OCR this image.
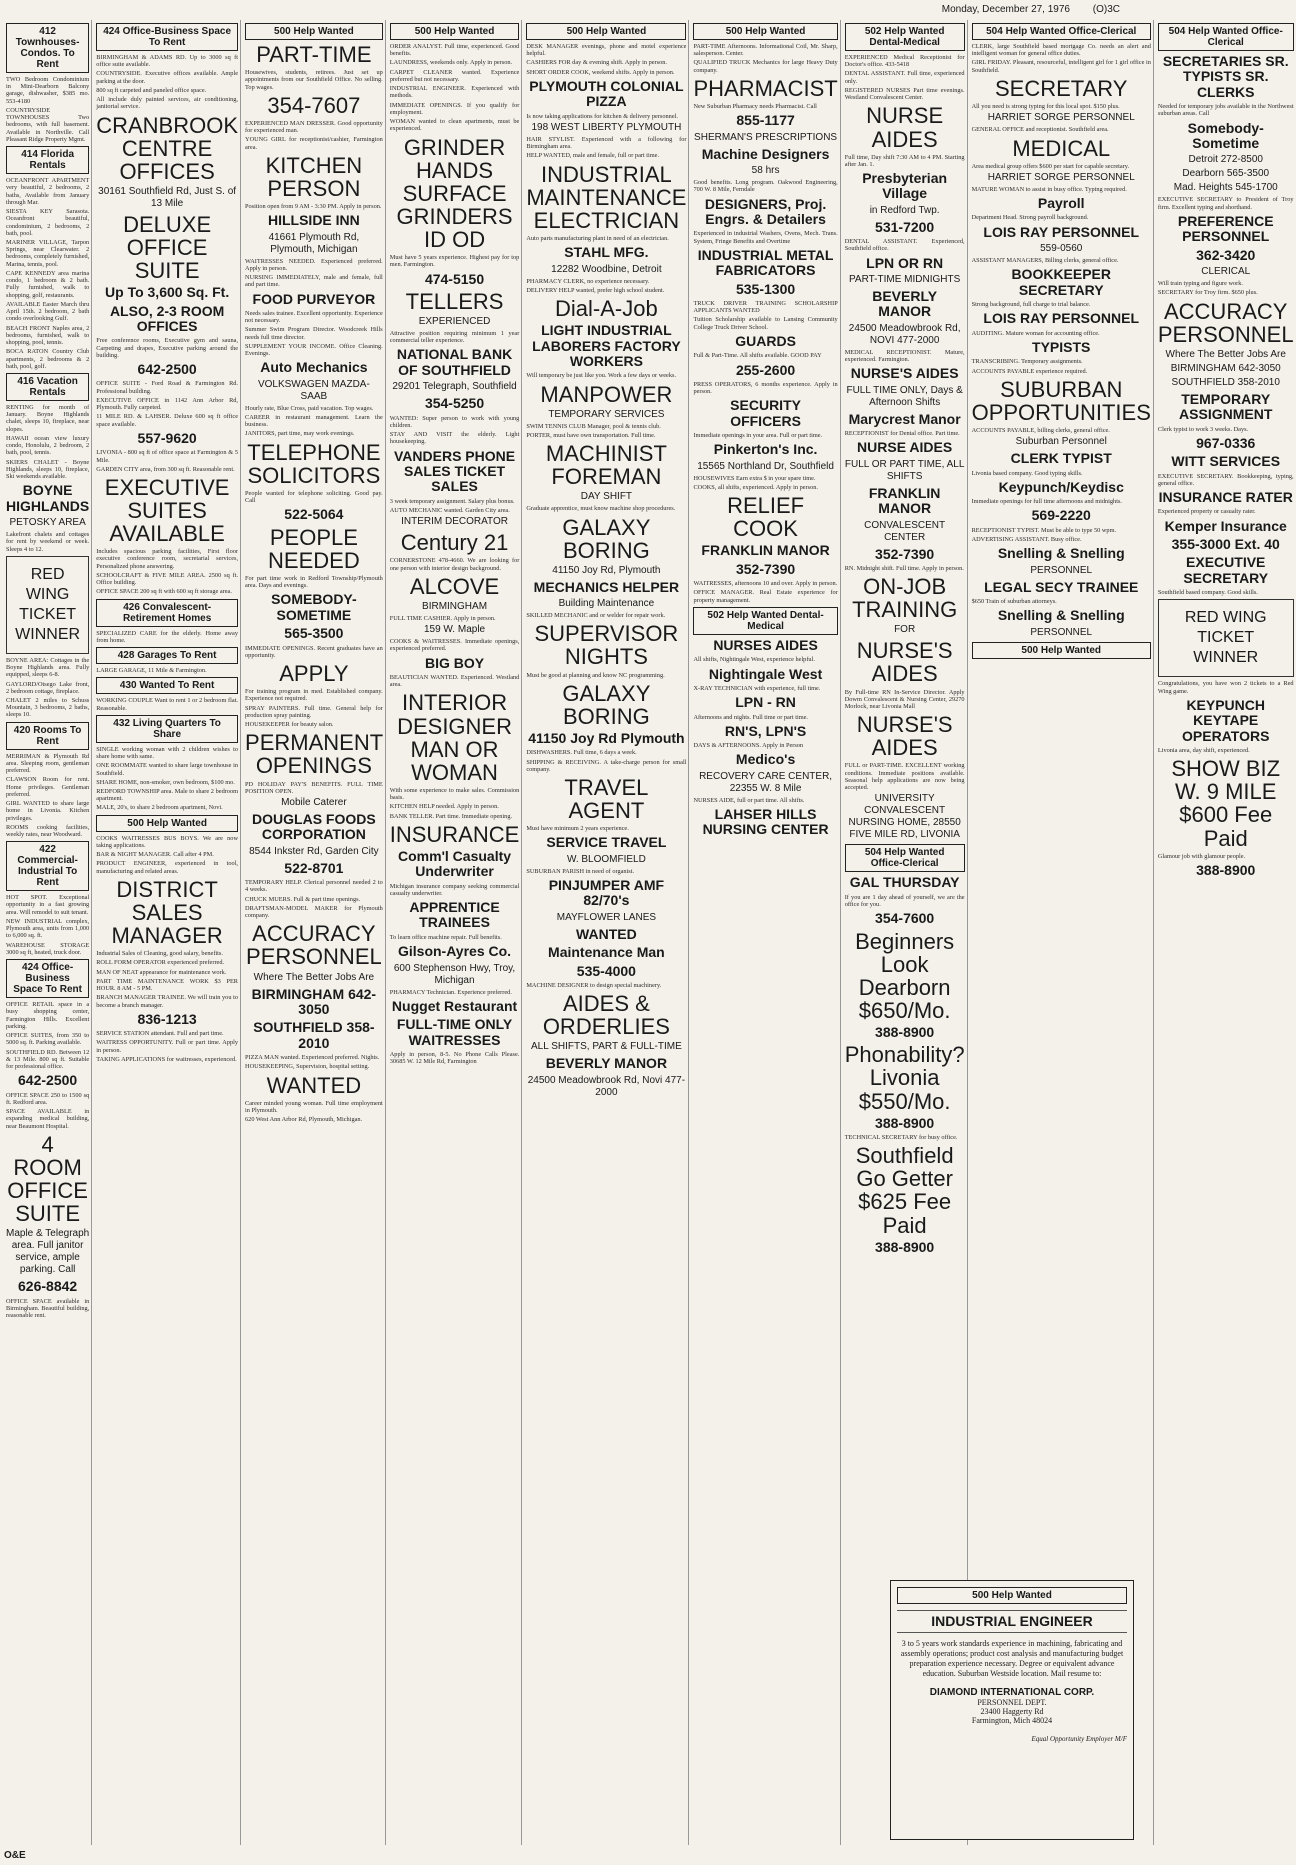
Monday, December 27, 1976 (O)3C
412 Townhouses-Condos. To Rent
TWO Bedroom Condominium in Mini-Dearborn Balcony garage, dishwasher, $385 mo. 553-4180
COUNTRYSIDE TOWNHOUSES Two bedrooms, with full basement. Available in Northville. Call Pleasant Ridge Property Mgmt.
414 Florida Rentals
OCEANFRONT APARTMENT very beautiful, 2 bedrooms, 2 baths, Available from January through Mar.
SIESTA KEY Sarasota. Oceanfront beautiful, condominium, 2 bedrooms, 2 bath, pool.
MARINER VILLAGE, Tarpon Springs, near Clearwater. 2 bedrooms, completely furnished, Marina, tennis, pool.
CAPE KENNEDY area marina condo, 1 bedroom & 2 bath. Fully furnished, walk to shopping, golf, restaurants.
AVAILABLE Easter March thru April 15th. 2 bedroom, 2 bath condo overlooking Gulf.
BEACH FRONT Naples area, 2 bedrooms, furnished, walk to shopping, pool, tennis.
BOCA RATON Country Club apartments, 2 bedrooms & 2 bath, pool, golf.
416 Vacation Rentals
RENTING for month of January. Boyne Highlands chalet, sleeps 10, fireplace, near slopes.
HAWAII ocean view luxury condo, Honolulu, 2 bedroom, 2 bath, pool, tennis.
SKIERS CHALET - Boyne Highlands, sleeps 10, fireplace, Ski weekends available.
BOYNE HIGHLANDS
PETOSKY AREA
Lakefront chalets and cottages for rent by weekend or week. Sleeps 4 to 12.
RED WING TICKET WINNER
BOYNE AREA: Cottages in the Boyne Highlands area. Fully equipped, sleeps 6-8.
GAYLORD/Otsego Lake front, 2 bedroom cottage, fireplace.
CHALET 2 miles to Schuss Mountain, 3 bedrooms, 2 baths, sleeps 10.
420 Rooms To Rent
MERRIMAN & Plymouth Rd area. Sleeping room, gentleman preferred.
CLAWSON Room for rent. Home privileges. Gentleman preferred.
GIRL WANTED to share large home in Livonia. Kitchen privileges.
ROOMS cooking facilities, weekly rates, near Woodward.
422 Commercial-Industrial To Rent
HOT SPOT. Exceptional opportunity in a fast growing area. Will remodel to suit tenant.
NEW INDUSTRIAL complex, Plymouth area, units from 1,000 to 6,000 sq. ft.
WAREHOUSE STORAGE 3000 sq ft, heated, truck door.
424 Office-Business Space To Rent
OFFICE RETAIL space in a busy shopping center, Farmington Hills. Excellent parking.
OFFICE SUITES, from 350 to 5000 sq. ft. Parking available.
SOUTHFIELD RD. Between 12 & 13 Mile. 800 sq ft. Suitable for professional office.
642-2500
OFFICE SPACE 250 to 1500 sq ft. Redford area.
SPACE AVAILABLE in expanding medical building, near Beaumont Hospital.
4 ROOM OFFICE SUITE
Maple & Telegraph area. Full janitor service, ample parking. Call
626-8842
OFFICE SPACE available in Birmingham. Beautiful building, reasonable rent.
424 Office-Business Space To Rent
BIRMINGHAM & ADAMS RD. Up to 3000 sq ft office suite available.
COUNTRYSIDE. Executive offices available. Ample parking at the door.
800 sq ft carpeted and paneled office space.
All include duly painted services, air conditioning, janitorial service.
CRANBROOK CENTRE OFFICES
30161 Southfield Rd, Just S. of 13 Mile
DELUXE OFFICE SUITE
Up To 3,600 Sq. Ft.
ALSO, 2-3 ROOM OFFICES
Free conference rooms, Executive gym and sauna, Carpeting and drapes, Executive parking around the building.
642-2500
OFFICE SUITE - Ford Road & Farmington Rd. Professional building.
EXECUTIVE OFFICE in 1142 Ann Arbor Rd, Plymouth. Fully carpeted.
11 MILE RD. & LAHSER. Deluxe 600 sq ft office space available.
557-9620
LIVONIA - 800 sq ft of office space at Farmington & 5 Mile.
GARDEN CITY area, from 300 sq ft. Reasonable rent.
EXECUTIVE SUITES AVAILABLE
Includes spacious parking facilities, First floor executive conference room, secretarial services, Personalized phone answering.
SCHOOLCRAFT & FIVE MILE AREA. 2500 sq ft. Office building.
OFFICE SPACE 200 sq ft with 600 sq ft storage area.
426 Convalescent-Retirement Homes
SPECIALIZED CARE for the elderly. Home away from home.
428 Garages To Rent
LARGE GARAGE, 11 Mile & Farmington.
430 Wanted To Rent
WORKING COUPLE Want to rent 1 or 2 bedroom flat. Reasonable.
432 Living Quarters To Share
SINGLE working woman with 2 children wishes to share home with same.
ONE ROOMMATE wanted to share large townhouse in Southfield.
SHARE HOME, non-smoker, own bedroom, $100 mo.
REDFORD TOWNSHIP area. Male to share 2 bedroom apartment.
MALE, 20's, to share 2 bedroom apartment, Novi.
500 Help Wanted
COOKS WAITRESSES BUS BOYS. We are now taking applications.
BAR & NIGHT MANAGER. Call after 4 PM.
PRODUCT ENGINEER, experienced in tool, manufacturing and related areas.
DISTRICT SALES MANAGER
Industrial Sales of Cleaning, good salary, benefits.
ROLL FORM OPERATOR experienced preferred.
MAN OF NEAT appearance for maintenance work.
PART TIME MAINTENANCE WORK $3 PER HOUR. 8 AM - 5 PM.
BRANCH MANAGER TRAINEE. We will train you to become a branch manager.
836-1213
SERVICE STATION attendant. Full and part time.
WAITRESS OPPORTUNITY. Full or part time. Apply in person.
TAKING APPLICATIONS for waitresses, experienced.
500 Help Wanted
PART-TIME
Housewives, students, retirees. Just set up appointments from our Southfield Office. No selling. Top wages.
354-7607
EXPERIENCED MAN DRESSER. Good opportunity for experienced man.
YOUNG GIRL for receptionist/cashier, Farmington area.
KITCHEN PERSON
Position open from 9 AM - 3:30 PM. Apply in person.
HILLSIDE INN
41661 Plymouth Rd, Plymouth, Michigan
WAITRESSES NEEDED. Experienced preferred. Apply in person.
NURSING IMMEDIATELY, male and female, full and part time.
FOOD PURVEYOR
Needs sales trainee. Excellent opportunity. Experience not necessary.
Summer Swim Program Director. Woodcreek Hills needs full time director.
SUPPLEMENT YOUR INCOME. Office Cleaning. Evenings.
Auto Mechanics
VOLKSWAGEN MAZDA-SAAB
Hourly rate, Blue Cross, paid vacation. Top wages.
CAREER in restaurant management. Learn the business.
JANITORS, part time, may work evenings.
TELEPHONE SOLICITORS
People wanted for telephone soliciting. Good pay. Call
522-5064
PEOPLE NEEDED
For part time work in Redford Township/Plymouth area. Days and evenings.
SOMEBODY-SOMETIME
565-3500
IMMEDIATE OPENINGS. Recent graduates have an opportunity.
APPLY
For training program in med. Established company. Experience not required.
SPRAY PAINTERS. Full time. General help for production spray painting.
HOUSEKEEPER for beauty salon.
PERMANENT OPENINGS
PD HOLIDAY PAY'S BENEFITS. FULL TIME POSITION OPEN.
Mobile Caterer
DOUGLAS FOODS CORPORATION
8544 Inkster Rd, Garden City
522-8701
TEMPORARY HELP. Clerical personnel needed 2 to 4 weeks.
CHUCK MUERS. Full & part time openings.
DRAFTSMAN-MODEL MAKER for Plymouth company.
ACCURACY PERSONNEL
Where The Better Jobs Are
BIRMINGHAM 642-3050
SOUTHFIELD 358-2010
PIZZA MAN wanted. Experienced preferred. Nights.
HOUSEKEEPING, Supervision, hospital setting.
WANTED
Career minded young woman. Full time employment in Plymouth.
620 West Ann Arbor Rd, Plymouth, Michigan.
500 Help Wanted
ORDER ANALYST. Full time, experienced. Good benefits.
LAUNDRESS, weekends only. Apply in person.
CARPET CLEANER wanted. Experience preferred but not necessary.
INDUSTRIAL ENGINEER. Experienced with methods.
IMMEDIATE OPENINGS. If you qualify for employment.
WOMAN wanted to clean apartments, must be experienced.
GRINDER HANDS SURFACE GRINDERS ID OD
Must have 5 years experience. Highest pay for top men. Farmington.
474-5150
TELLERS
EXPERIENCED
Attractive position requiring minimum 1 year commercial teller experience.
NATIONAL BANK OF SOUTHFIELD
29201 Telegraph, Southfield
354-5250
WANTED: Super person to work with young children.
STAY AND VISIT the elderly. Light housekeeping.
VANDERS PHONE SALES TICKET SALES
3 week temporary assignment. Salary plus bonus.
AUTO MECHANIC wanted. Garden City area.
INTERIM DECORATOR
Century 21
CORNERSTONE 478-4660. We are looking for one person with interior design background.
ALCOVE
BIRMINGHAM
FULL TIME CASHIER. Apply in person.
159 W. Maple
COOKS & WAITRESSES. Immediate openings, experienced preferred.
BIG BOY
BEAUTICIAN WANTED. Experienced. Westland area.
INTERIOR DESIGNER MAN OR WOMAN
With some experience to make sales. Commission basis.
KITCHEN HELP needed. Apply in person.
BANK TELLER. Part time. Immediate opening.
INSURANCE
Comm'l Casualty Underwriter
Michigan insurance company seeking commercial casualty underwriter.
APPRENTICE TRAINEES
To learn office machine repair. Full benefits.
Gilson-Ayres Co.
600 Stephenson Hwy, Troy, Michigan
PHARMACY Technician. Experience preferred.
Nugget Restaurant
FULL-TIME ONLY WAITRESSES
Apply in person, 8-5. No Phone Calls Please. 30685 W. 12 Mile Rd, Farmington
500 Help Wanted
DESK MANAGER evenings, phone and motel experience helpful.
CASHIERS FOR day & evening shift. Apply in person.
SHORT ORDER COOK, weekend shifts. Apply in person.
PLYMOUTH COLONIAL PIZZA
Is now taking applications for kitchen & delivery personnel.
198 WEST LIBERTY PLYMOUTH
HAIR STYLIST. Experienced with a following for Birmingham area.
HELP WANTED, male and female, full or part time.
INDUSTRIAL MAINTENANCE ELECTRICIAN
Auto parts manufacturing plant in need of an electrician.
STAHL MFG.
12282 Woodbine, Detroit
PHARMACY CLERK, no experience necessary.
DELIVERY HELP wanted, prefer high school student.
Dial-A-Job
LIGHT INDUSTRIAL LABORERS FACTORY WORKERS
Will temporary be just like you. Work a few days or weeks.
MANPOWER
TEMPORARY SERVICES
SWIM TENNIS CLUB Manager, pool & tennis club.
PORTER, must have own transportation. Full time.
MACHINIST FOREMAN
DAY SHIFT
Graduate apprentice, must know machine shop procedures.
GALAXY BORING
41150 Joy Rd, Plymouth
MECHANICS HELPER
Building Maintenance
SKILLED MECHANIC and or welder for repair work.
SUPERVISOR NIGHTS
Must be good at planning and know NC programming.
GALAXY BORING
41150 Joy Rd Plymouth
DISHWASHERS. Full time, 6 days a week.
SHIPPING & RECEIVING. A take-charge person for small company.
TRAVEL AGENT
Must have minimum 2 years experience.
SERVICE TRAVEL
W. BLOOMFIELD
SUBURBAN PARISH in need of organist.
PINJUMPER AMF 82/70's
MAYFLOWER LANES
WANTED
Maintenance Man
535-4000
MACHINE DESIGNER to design special machinery.
AIDES & ORDERLIES
ALL SHIFTS, PART & FULL-TIME
BEVERLY MANOR
24500 Meadowbrook Rd, Novi 477-2000
500 Help Wanted
PART-TIME Afternoons. Informational Coil, Mr. Sharp, salesperson. Center.
QUALIFIED TRUCK Mechanics for large Heavy Duty company.
PHARMACIST
New Suburban Pharmacy needs Pharmacist. Call
855-1177
SHERMAN'S PRESCRIPTIONS
Machine Designers
58 hrs
Good benefits. Long program. Oakwood Engineering, 700 W. 8 Mile, Ferndale
DESIGNERS, Proj. Engrs. & Detailers
Experienced in industrial Washers, Ovens, Mech. Trans. System, Fringe Benefits and Overtime
INDUSTRIAL METAL FABRICATORS
535-1300
TRUCK DRIVER TRAINING SCHOLARSHIP APPLICANTS WANTED
Tuition Scholarship available to Lansing Community College Truck Driver School.
GUARDS
Full & Part-Time. All shifts available. GOOD PAY
255-2600
PRESS OPERATORS, 6 months experience. Apply in person.
SECURITY OFFICERS
Immediate openings in your area. Full or part time.
Pinkerton's Inc.
15565 Northland Dr, Southfield
HOUSEWIVES Earn extra $ in your spare time.
COOKS, all shifts, experienced. Apply in person.
RELIEF COOK
FRANKLIN MANOR
352-7390
WAITRESSES, afternoons 10 and over. Apply in person.
OFFICE MANAGER. Real Estate experience for property management.
502 Help Wanted Dental-Medical
NURSES AIDES
All shifts, Nightingale West, experience helpful.
Nightingale West
X-RAY TECHNICIAN with experience, full time.
LPN - RN
Afternoons and nights. Full time or part time.
RN'S, LPN'S
DAYS & AFTERNOONS. Apply in Person
Medico's
RECOVERY CARE CENTER, 22355 W. 8 Mile
NURSES AIDE, full or part time. All shifts.
LAHSER HILLS NURSING CENTER
502 Help Wanted Dental-Medical
EXPERIENCED Medical Receptionist for Doctor's office. 433-5418
DENTAL ASSISTANT. Full time, experienced only.
REGISTERED NURSES Part time evenings. Westland Convalescent Center.
NURSE AIDES
Full time, Day shift 7:30 AM to 4 PM. Starting after Jan. 1.
Presbyterian Village
in Redford Twp.
531-7200
DENTAL ASSISTANT. Experienced, Southfield office.
LPN OR RN
PART-TIME MIDNIGHTS
BEVERLY MANOR
24500 Meadowbrook Rd, NOVI 477-2000
MEDICAL RECEPTIONIST. Mature, experienced. Farmington.
NURSE'S AIDES
FULL TIME ONLY, Days & Afternoon Shifts
Marycrest Manor
RECEPTIONIST for Dental office. Part time.
NURSE AIDES
FULL OR PART TIME, ALL SHIFTS
FRANKLIN MANOR
CONVALESCENT CENTER
352-7390
RN. Midnight shift. Full time. Apply in person.
ON-JOB TRAINING
FOR
NURSE'S AIDES
By Full-time RN In-Service Director. Apply Dowm Convalescent & Nursing Center, 29270 Morlock, near Livonia Mall
NURSE'S AIDES
FULL or PART-TIME. EXCELLENT working conditions. Immediate positions available. Seasonal help applications are now being accepted.
UNIVERSITY CONVALESCENT NURSING HOME, 28550 FIVE MILE RD, LIVONIA
504 Help Wanted Office-Clerical
GAL THURSDAY
If you are 1 day ahead of yourself, we are the office for you.
354-7600
Beginners Look Dearborn $650/Mo.
388-8900
Phonability? Livonia $550/Mo.
388-8900
TECHNICAL SECRETARY for busy office.
Southfield Go Getter $625 Fee Paid
388-8900
504 Help Wanted Office-Clerical
CLERK, large Southfield based mortgage Co. needs an alert and intelligent woman for general office duties.
GIRL FRIDAY. Pleasant, resourceful, intelligent girl for 1 girl office in Southfield.
SECRETARY
All you need is strong typing for this local spot. $150 plus.
HARRIET SORGE PERSONNEL
GENERAL OFFICE and receptionist. Southfield area.
MEDICAL
Area medical group offers $600 per start for capable secretary.
HARRIET SORGE PERSONNEL
MATURE WOMAN to assist in busy office. Typing required.
Payroll
Department Head. Strong payroll background.
LOIS RAY PERSONNEL
559-0560
ASSISTANT MANAGERS, Billing clerks, general office.
BOOKKEEPER SECRETARY
Strong background, full charge to trial balance.
LOIS RAY PERSONNEL
AUDITING. Mature woman for accounting office.
TYPISTS
TRANSCRIBING. Temporary assignments.
ACCOUNTS PAYABLE experience required.
SUBURBAN OPPORTUNITIES
ACCOUNTS PAYABLE, billing clerks, general office.
Suburban Personnel
CLERK TYPIST
Livonia based company. Good typing skills.
Keypunch/Keydisc
Immediate openings for full time afternoons and midnights.
569-2220
RECEPTIONIST TYPIST. Must be able to type 50 wpm.
ADVERTISING ASSISTANT. Busy office.
Snelling & Snelling
PERSONNEL
LEGAL SECY TRAINEE
$650 Train of suburban attorneys.
Snelling & Snelling
PERSONNEL
500 Help Wanted
504 Help Wanted Office-Clerical
SECRETARIES SR. TYPISTS SR. CLERKS
Needed for temporary jobs available in the Northwest suburban areas. Call
Somebody-Sometime
Detroit 272-8500
Dearborn 565-3500
Mad. Heights 545-1700
EXECUTIVE SECRETARY to President of Troy firm. Excellent typing and shorthand.
PREFERENCE PERSONNEL
362-3420
CLERICAL
Will train typing and figure work.
SECRETARY for Troy firm. $650 plus.
ACCURACY PERSONNEL
Where The Better Jobs Are
BIRMINGHAM 642-3050
SOUTHFIELD 358-2010
TEMPORARY ASSIGNMENT
Clerk typist to work 3 weeks. Days.
967-0336
WITT SERVICES
EXECUTIVE SECRETARY. Bookkeeping, typing, general office.
INSURANCE RATER
Experienced property or casualty rater.
Kemper Insurance
355-3000 Ext. 40
EXECUTIVE SECRETARY
Southfield based company. Good skills.
RED WING TICKET WINNER
Congratulations, you have won 2 tickets to a Red Wing game.
KEYPUNCH KEYTAPE OPERATORS
Livonia area, day shift, experienced.
SHOW BIZ W. 9 MILE $600 Fee Paid
Glamour job with glamour people.
388-8900
500 Help Wanted
INDUSTRIAL ENGINEER
3 to 5 years work standards experience in machining, fabricating and assembly operations; product cost analysis and manufacturing budget preparation experience necessary. Degree or equivalent advance education. Suburban Westside location. Mail resume to:
DIAMOND INTERNATIONAL CORP.
PERSONNEL DEPT.
23400 Haggerty Rd
Farmington, Mich 48024
Equal Opportunity Employer M/F
O&E
